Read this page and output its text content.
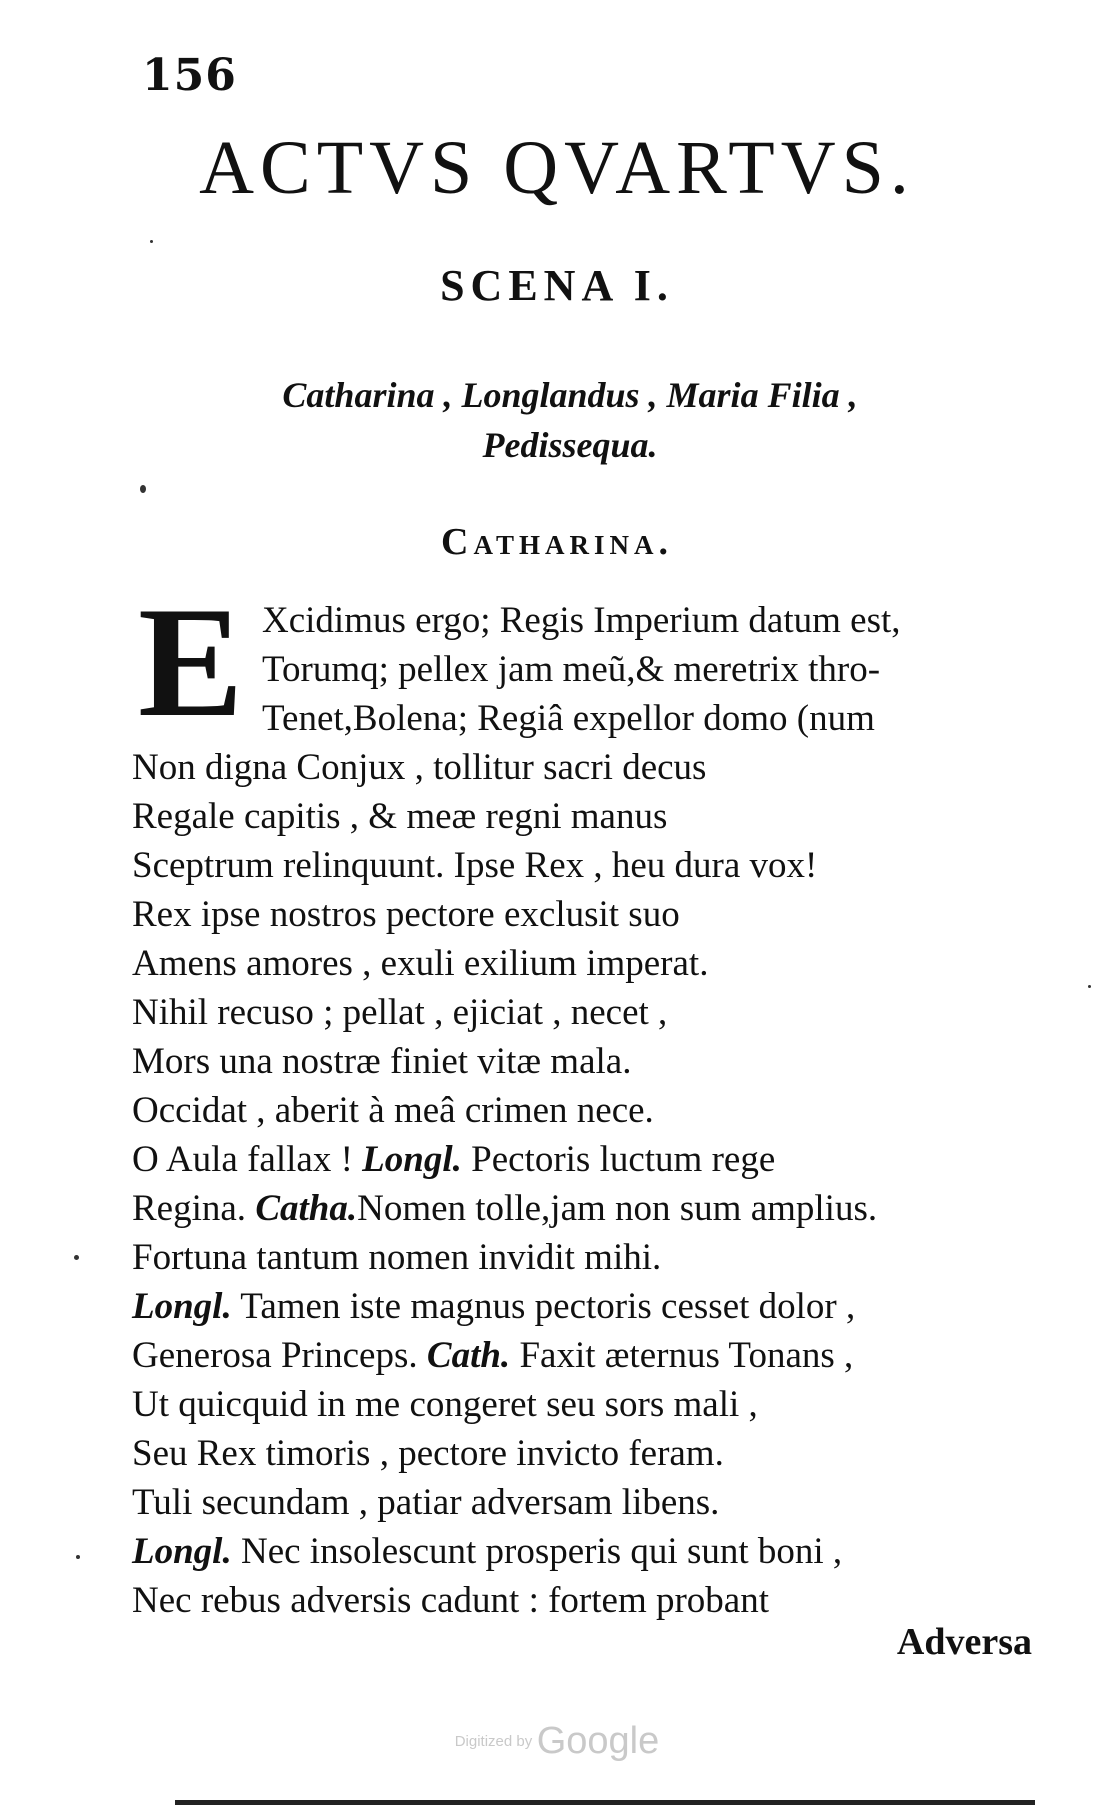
156
ACTVS QVARTVS.
SCENA I.
Catharina , Longlandus , Maria Filia ,
Pedissequa.
Catharina.
E Xcidimus ergo; Regis Imperium datum est,
Torumq; pellex jam meũ,& meretrix thro-
Tenet,Bolena; Regiâ expellor domo (num
Non digna Conjux , tollitur sacri decus
Regale capitis , & meæ regni manus
Sceptrum relinquunt. Ipse Rex , heu dura vox!
Rex ipse nostros pectore exclusit suo
Amens amores , exuli exilium imperat.
Nihil recuso ; pellat , ejiciat , necet ,
Mors una nostræ finiet vitæ mala.
Occidat , aberit à meâ crimen nece.
O Aula fallax ! Longl. Pectoris luctum rege
Regina. Catha.Nomen tolle,jam non sum amplius.
Fortuna tantum nomen invidit mihi.
Longl. Tamen iste magnus pectoris cesset dolor ,
Generosa Princeps. Cath. Faxit æternus Tonans ,
Ut quicquid in me congeret seu sors mali ,
Seu Rex timoris , pectore invicto feram.
Tuli secundam , patiar adversam libens.
Longl. Nec insolescunt prosperis qui sunt boni ,
Nec rebus adversis cadunt : fortem probant
Adversa
Digitized by Google
